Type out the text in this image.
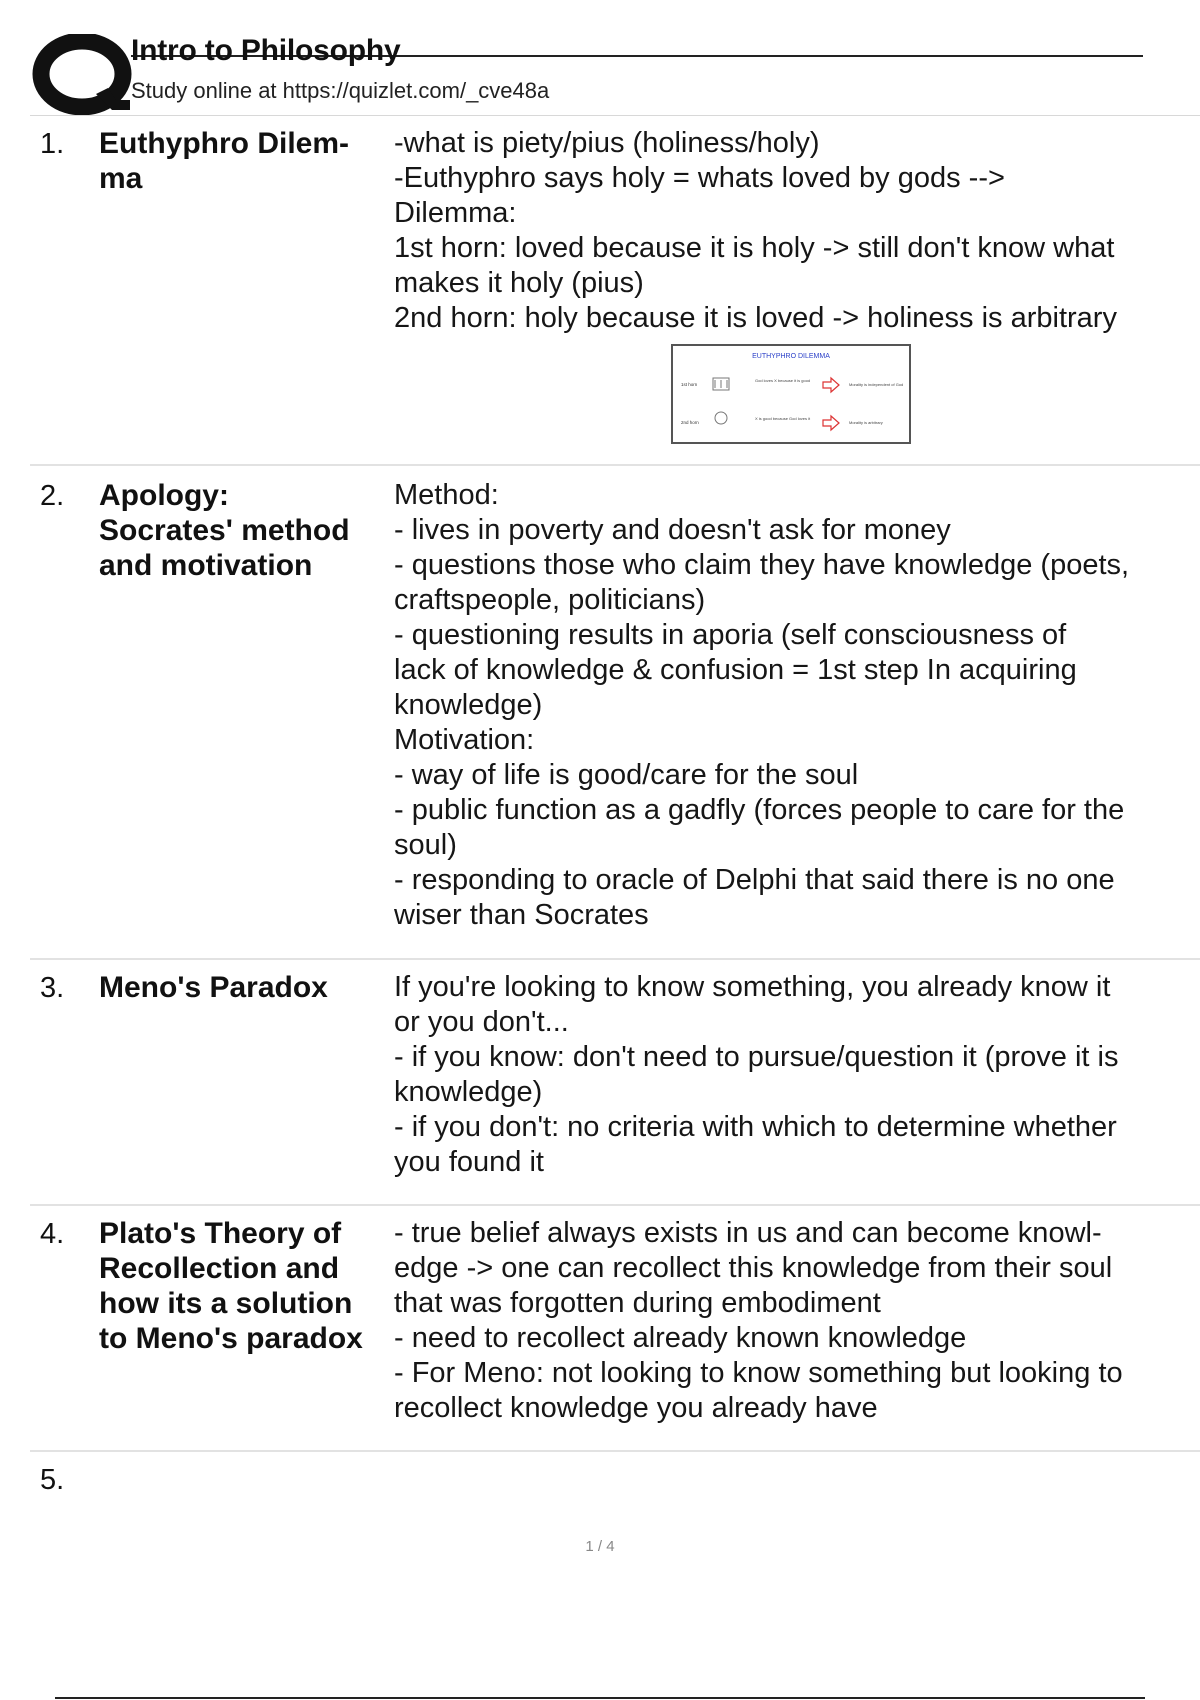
Intro to Philosophy
Study online at https://quizlet.com/_cve48a
1. Euthyphro Dilem-
ma
-what is piety/pius (holiness/holy)
-Euthyphro says holy = whats loved by gods -->
Dilemma:
1st horn: loved because it is holy -> still don't know what
makes it holy (pius)
2nd horn: holy because it is loved -> holiness is arbitrary
EUTHYPHRO DILEMMA
1st horn
God loves X because it is good
Morality is independent of God
2nd horn
X is good because God loves it
Morality is arbitrary
2. Apology:
Socrates' method
and motivation
Method:
- lives in poverty and doesn't ask for money
- questions those who claim they have knowledge (poets,
craftspeople, politicians)
- questioning results in aporia (self consciousness of
lack of knowledge & confusion = 1st step In acquiring
knowledge)
Motivation:
- way of life is good/care for the soul
- public function as a gadfly (forces people to care for the
soul)
- responding to oracle of Delphi that said there is no one
wiser than Socrates
3. Meno's Paradox	If you're looking to know something, you already know it
or you don't...
- if you know: don't need to pursue/question it (prove it is
knowledge)
- if you don't: no criteria with which to determine whether
you found it
4. Plato's Theory of
Recollection and
how its a solution
to Meno's paradox
- true belief always exists in us and can become knowl-
edge -> one can recollect this knowledge from their soul
that was forgotten during embodiment
- need to recollect already known knowledge
- For Meno: not looking to know something but looking to
recollect knowledge you already have
5.
1 / 4
